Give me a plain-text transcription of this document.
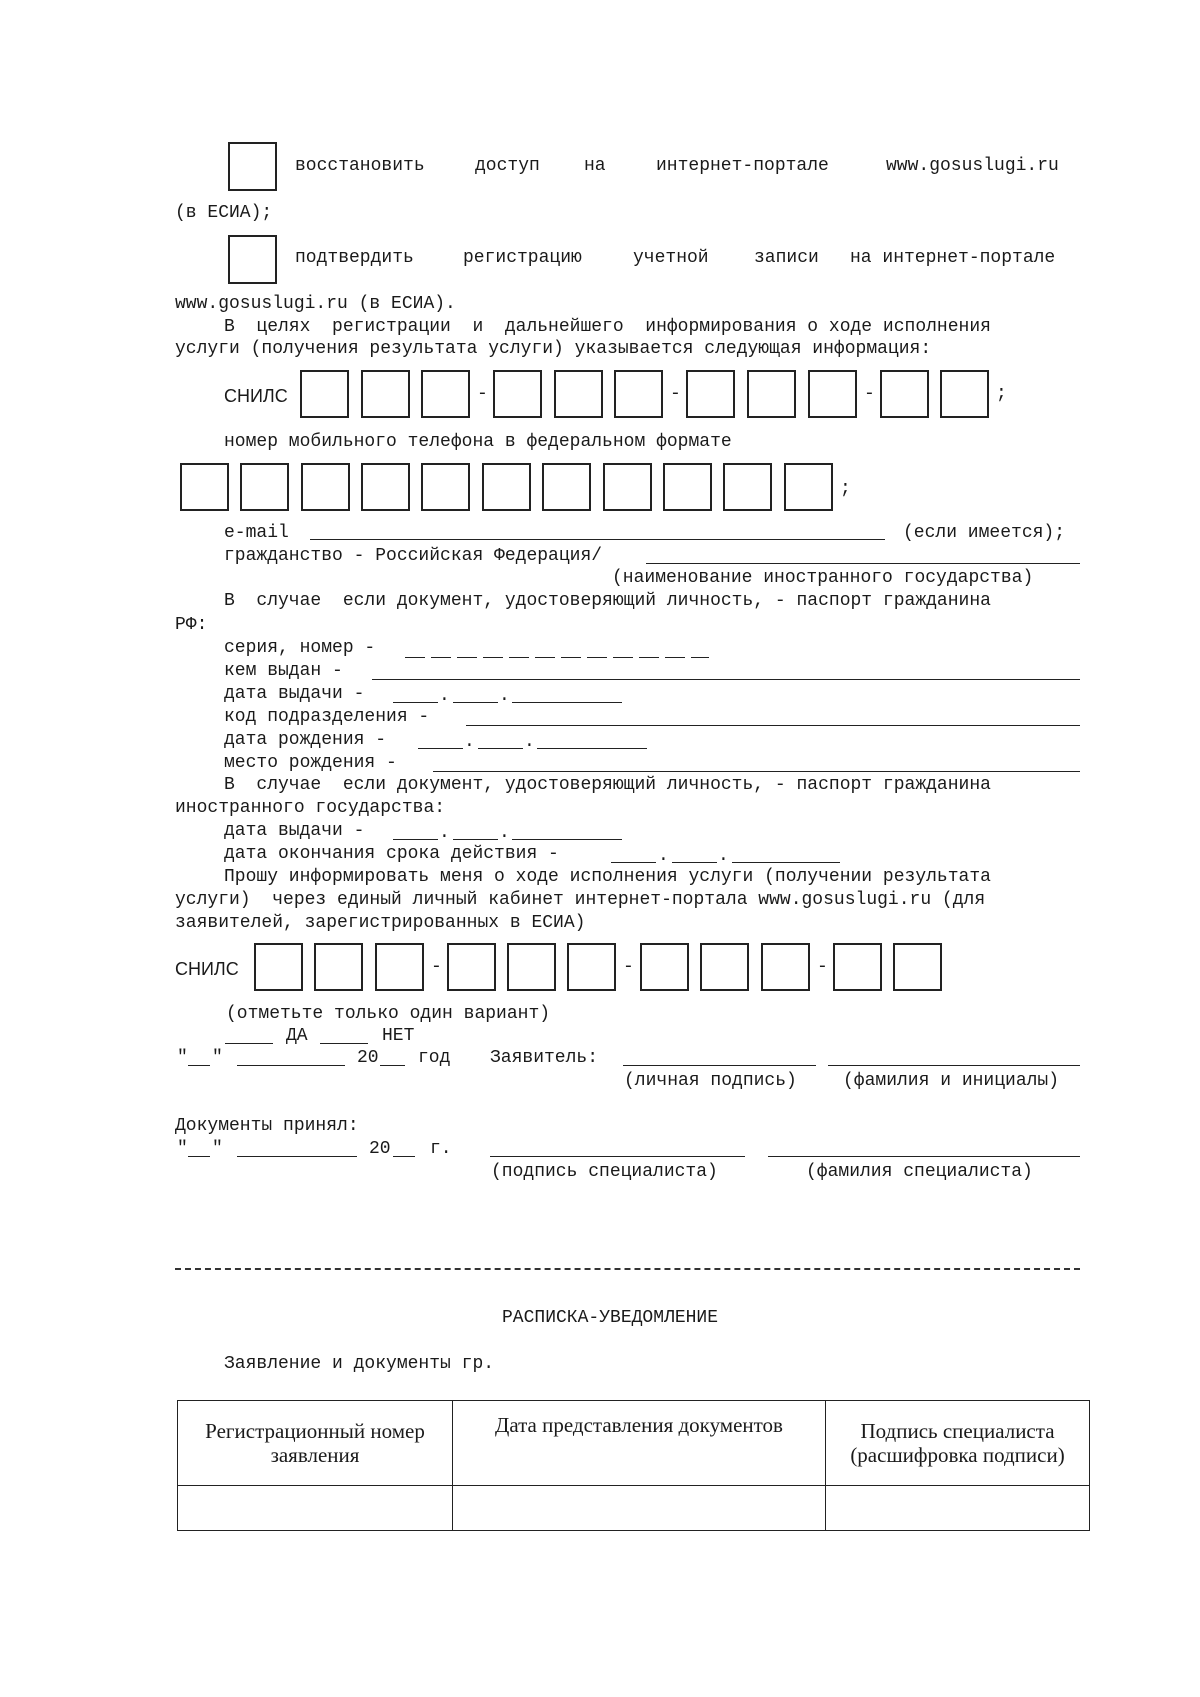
восстановить	доступ на	интернет-портале	www.gosuslugi.ru
(в ЕСИА);
подтвердить	регистрацию	учетной	записи на интернет-портале
www.gosuslugi.ru (в ЕСИА).
В  целях  регистрации  и  дальнейшего  информирования о ходе исполнения
услуги (получения результата услуги) указывается следующая информация:
СНИЛС	-	-	-	;
номер мобильного телефона в федеральном формате
;
e-mail	(если имеется);
гражданство - Российская Федерация/
(наименование иностранного государства)
В  случае  если документ, удостоверяющий личность, - паспорт гражданина
РФ:
серия, номер -
кем выдан -
дата выдачи -	.	.
код подразделения -
дата рождения -	.	.
место рождения -
В  случае  если документ, удостоверяющий личность, - паспорт гражданина
иностранного государства:
дата выдачи -	.	.
дата окончания срока действия -	.	.
Прошу информировать меня о ходе исполнения услуги (получении результата
услуги)  через единый личный кабинет интернет-портала www.gosuslugi.ru (для
заявителей, зарегистрированных в ЕСИА)
СНИЛС	-	-	-
(отметьте только один вариант)
ДА	НЕТ
" "	20 год Заявитель:
(личная подпись)	(фамилия и инициалы)
Документы принял:
" "	20 г.
(подпись специалиста)	(фамилия специалиста)
РАСПИСКА-УВЕДОМЛЕНИЕ
Заявление и документы гр.
Регистрационный номер заявления	Дата представления документов	Подпись специалиста (расшифровка подписи)
